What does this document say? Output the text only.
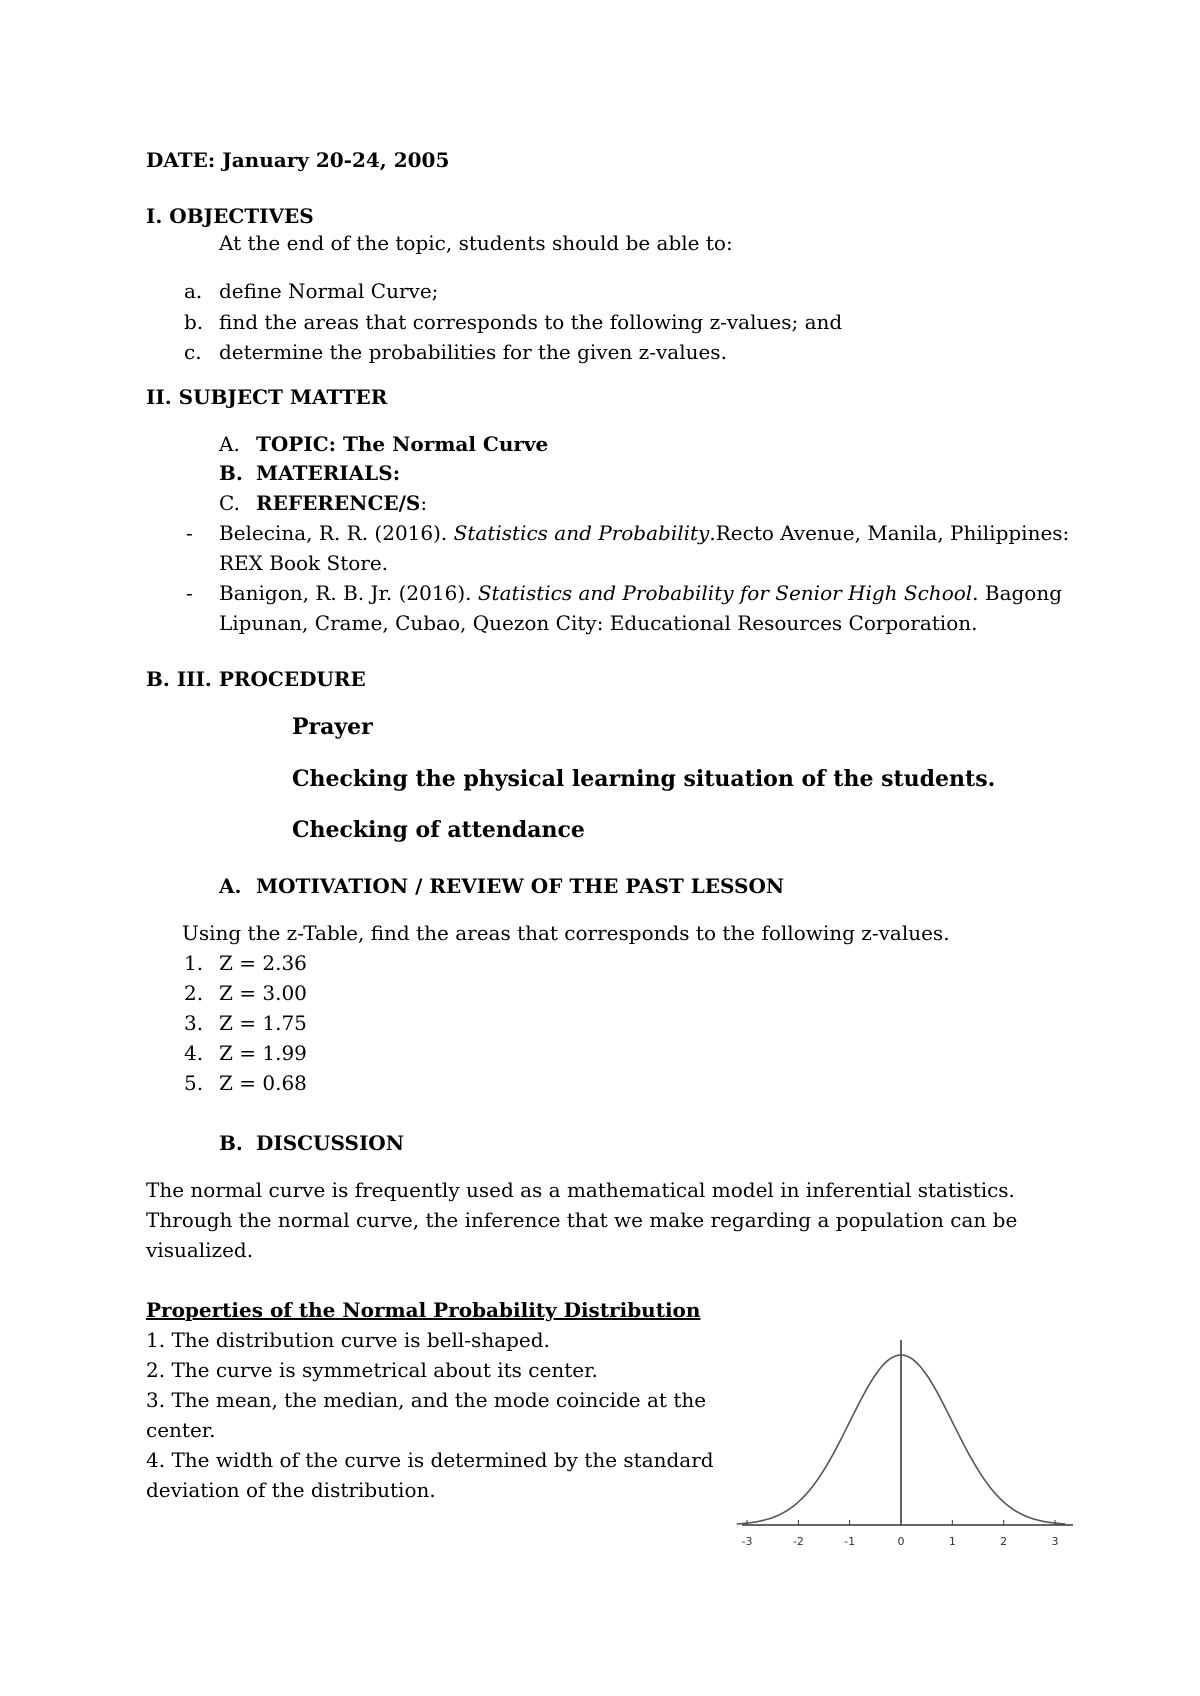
DATE: January 20-24, 2005
I. OBJECTIVES
At the end of the topic, students should be able to:
a. define Normal Curve;
b. find the areas that corresponds to the following z-values; and
c. determine the probabilities for the given z-values.
II. SUBJECT MATTER
A. TOPIC: The Normal Curve
B. MATERIALS:
C. REFERENCE/S:
- Belecina, R. R. (2016). Statistics and Probability.Recto Avenue, Manila, Philippines:
REX Book Store.
- Banigon, R. B. Jr. (2016). Statistics and Probability for Senior High School. Bagong
Lipunan, Crame, Cubao, Quezon City: Educational Resources Corporation.
B. III. PROCEDURE
Prayer
Checking the physical learning situation of the students.
Checking of attendance
A. MOTIVATION / REVIEW OF THE PAST LESSON
Using the z-Table, find the areas that corresponds to the following z-values.
1. Z = 2.36
2. Z = 3.00
3. Z = 1.75
4. Z = 1.99
5. Z = 0.68
B. DISCUSSION
The normal curve is frequently used as a mathematical model in inferential statistics.
Through the normal curve, the inference that we make regarding a population can be
visualized.
Properties of the Normal Probability Distribution
1. The distribution curve is bell-shaped.
2. The curve is symmetrical about its center.
3. The mean, the median, and the mode coincide at the
center.
4. The width of the curve is determined by the standard
deviation of the distribution.
-3	-2	-1	0	1	2	3
